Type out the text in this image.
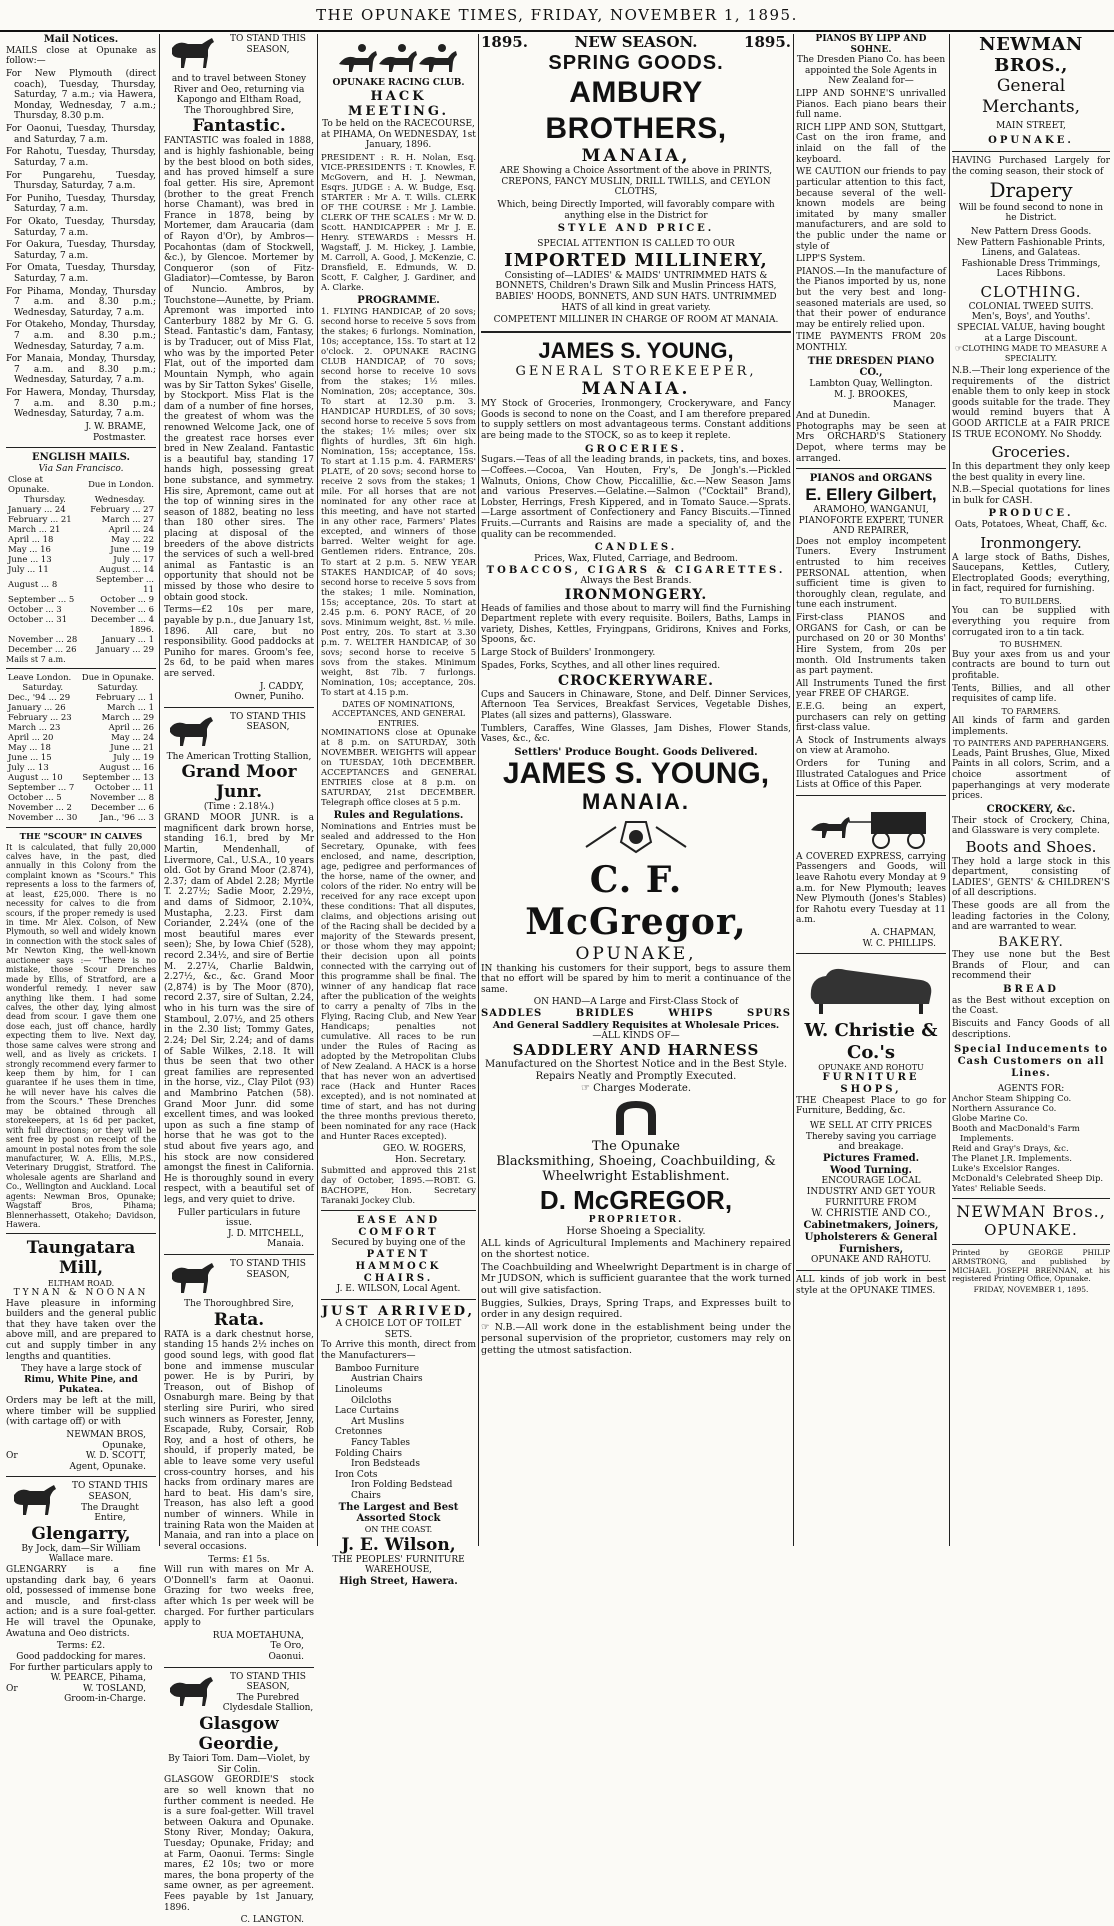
THE OPUNAKE TIMES, FRIDAY, NOVEMBER 1, 1895.
Mail Notices.

MAILS close at Opunake as follow:—

For New Plymouth (direct coach), Tuesday, Thursday, Saturday, 7 a.m.; via Hawera, Monday, Wednesday, 7 a.m.; Thursday, 8.30 p.m.

For Oaonui, Tuesday, Thursday, and Saturday, 7 a.m.

For Rahotu, Tuesday, Thursday, Saturday, 7 a.m.

For Pungarehu, Tuesday, Thursday, Saturday, 7 a.m.

For Puniho, Tuesday, Thursday, Saturday, 7 a.m.

For Okato, Tuesday, Thursday, Saturday, 7 a.m.

For Oakura, Tuesday, Thursday, Saturday, 7 a.m.

For Omata, Tuesday, Thursday, Saturday, 7 a.m.

For Pihama, Monday, Thursday 7 a.m. and 8.30 p.m.; Wednesday, Saturday, 7 a.m.

For Otakeho, Monday, Thursday, 7 a.m. and 8.30 p.m.; Wednesday, Saturday, 7 a.m.

For Manaia, Monday, Thursday, 7 a.m. and 8.30 p.m.; Wednesday, Saturday, 7 a.m.

For Hawera, Monday, Thursday, 7 a.m. and 8.30 p.m.; Wednesday, Saturday, 7 a.m.

J. W. BRAME,
Postmaster.
ENGLISH MAILS.
Via San Francisco.
Close at Opunake.	Due in London.
Thursday.	Wednesday.
January ... 24	February ... 27
February ... 21	March ... 27
March ... 21	April ... 24
April ... 18	May ... 22
May ... 16	June ... 19
June ... 13	July ... 17
July ... 11	August ... 14
August ... 8	September ... 11
September ... 5	October ... 9
October ... 3	November ... 6
October ... 31	December ... 4
	1896.
November ... 28	January ... 1
December ... 26	January ... 29
Mails st 7 a.m.
Leave London.	Due in Opunake.
Saturday.	Saturday.
Dec., '94 ... 29	February ... 1
January ... 26	March ... 1
February ... 23	March ... 29
March ... 23	April ... 26
April ... 20	May ... 24
May ... 18	June ... 21
June ... 15	July ... 19
July ... 13	August ... 16
August ... 10	September ... 13
September ... 7	October ... 11
October ... 5	November ... 8
November ... 2	December ... 6
November ... 30	Jan., '96 ... 3
THE "SCOUR" IN CALVES

It is calculated, that fully 20,000 calves have, in the past, died annually in this Colony from the complaint known as "Scours." This represents a loss to the farmers of, at least, £25,000. There is no necessity for calves to die from scours, if the proper remedy is used in time. Mr Alex. Colson, of New Plymouth, so well and widely known in connection with the stock sales of Mr Newton King, the well-known auctioneer says :— "There is no mistake, those Scour Drenches made by Ellis, of Stratford, are a wonderful remedy. I never saw anything like them. I had some calves, the other day, lying almost dead from scour. I gave them one dose each, just off chance, hardly expecting them to live. Next day, those same calves were strong and well, and as lively as crickets. I strongly recommend every farmer to keep them by him, for I can guarantee if he uses them in time, he will never have his calves die from the Scours." These Drenches may be obtained through all storekeepers, at 1s 6d per packet, with full directions; or they will be sent free by post on receipt of the amount in postal notes from the sole manufacturer, W. A. Ellis, M.P.S., Veterinary Druggist, Stratford. The wholesale agents are Sharland and Co., Wellington and Auckland. Local agents: Newman Bros, Opunake; Wagstaff Bros, Pihama; Blennerhassett, Otakeho; Davidson, Hawera.

Taungatara Mill,
ELTHAM ROAD.
TYNAN & NOONAN

Have pleasure in informing builders and the general public that they have taken over the above mill, and are prepared to cut and supply timber in any lengths and quantities.

They have a large stock of
Rimu, White Pine, and Pukatea.

Orders may be left at the mill, where timber will be supplied (with cartage off) or with

NEWMAN BROS,
Opunake,
Or	W. D. SCOTT,
Agent, Opunake.
TO STAND THIS SEASON,
The Draught Entire,
Glengarry,
By Jock, dam—Sir William Wallace mare.

GLENGARRY is a fine upstanding dark bay, 6 years old, possessed of immense bone and muscle, and first-class action; and is a sure foal-getter. He will travel the Opunake, Awatuna and Oeo districts.

Terms: £2.
Good paddocking for mares.
For further particulars apply to
W. PEARCE, Pihama,
Or	W. TOSLAND,
Groom-in-Charge.
TO STAND THIS SEASON,
and to travel between Stoney River and Oeo, returning via Kapongo and Eltham Road,
The Thoroughbred Sire,
Fantastic.

FANTASTIC was foaled in 1888, and is highly fashionable, being by the best blood on both sides, and has proved himself a sure foal getter. His sire, Apremont (brother to the great French horse Chamant), was bred in France in 1878, being by Mortemer, dam Araucaria (dam of Rayon d'Or), by Ambros—Pocahontas (dam of Stockwell, &c.), by Glencoe. Mortemer by Conqueror (son of Fitz-Gladiator)—Comtesse, by Baron of Nuncio. Ambros, by Touchstone—Aunette, by Priam. Apremont was imported into Canterbury 1882 by Mr G. G. Stead. Fantastic's dam, Fantasy, is by Traducer, out of Miss Flat, who was by the imported Peter Flat, out of the imported dam Mountain Nymph, who again was by Sir Tatton Sykes' Giselle, by Stockport. Miss Flat is the dam of a number of fine horses, the greatest of whom was the renowned Welcome Jack, one of the greatest race horses ever bred in New Zealand. Fantastic is a beautiful bay, standing 17 hands high, possessing great bone substance, and symmetry. His sire, Apremont, came out at the top of winning sires in the season of 1882, beating no less than 180 other sires. The placing at disposal of the breeders of the above districts the services of such a well-bred animal as Fantastic is an opportunity that should not be missed by those who desire to obtain good stock.

Terms—£2 10s per mare, payable by p.n., due January 1st, 1896. All care, but no responsibility. Good paddocks at Puniho for mares. Groom's fee, 2s 6d, to be paid when mares are served.

J. CADDY,
Owner, Puniho.
TO STAND THIS SEASON,
The American Trotting Stallion,
Grand Moor Junr.
(Time : 2.18¼.)

GRAND MOOR JUNR. is a magnificent dark brown horse, standing 16.1, bred by Mr Martin, Mendenhall, of Livermore, Cal., U.S.A., 10 years old. Got by Grand Moor (2.874), 2.37; dam of Abdel 2.28; Myrtle T. 2.27½; Sadie Moor, 2.29½, and dams of Sidmoor, 2.10¾, Mustapha, 2.23. First dam Coriander, 2.24¼ (one of the most beautiful mares ever seen); She, by Iowa Chief (528), record 2.34½, and sire of Bertie M. 2.27¼, Charlie Baldwin, 2.27½, &c., &c. Grand Moor (2,874) is by The Moor (870), record 2.37, sire of Sultan, 2.24, who in his turn was the sire of Stamboul, 2.07½, and 25 others in the 2.30 list; Tommy Gates, 2.24; Del Sir, 2.24; and of dams of Sable Wilkes, 2.18. It will thus be seen that two other great families are represented in the horse, viz., Clay Pilot (93) and Mambrino Patchen (58). Grand Moor Junr. did some excellent times, and was looked upon as such a fine stamp of horse that he was got to the stud about five years ago, and his stock are now considered amongst the finest in California. He is thoroughly sound in every respect, with a beautiful set of legs, and very quiet to drive.

Fuller particulars in future issue.
J. D. MITCHELL,
Manaia.
TO STAND THIS SEASON,
The Thoroughbred Sire,
Rata.

RATA is a dark chestnut horse, standing 15 hands 2½ inches on good sound legs, with good flat bone and immense muscular power. He is by Puriri, by Treason, out of Bishop of Osnaburgh mare. Being by that sterling sire Puriri, who sired such winners as Forester, Jenny, Escapade, Ruby, Corsair, Rob Roy, and a host of others, he should, if properly mated, be able to leave some very useful cross-country horses, and his hacks from ordinary mares are hard to beat. His dam's sire, Treason, has also left a good number of winners. While in training Rata won the Maiden at Manaia, and ran into a place on several occasions.

Terms: £1 5s.

Will run with mares on Mr A. O'Donnell's farm at Oaonui. Grazing for two weeks free, after which 1s per week will be charged. For further particulars apply to

RUA MOETAHUNA,
Te Oro,
Oaonui.
TO STAND THIS SEASON,
The Purebred Clydesdale Stallion,
Glasgow Geordie,
By Taiori Tom. Dam—Violet, by Sir Colin.

GLASGOW GEORDIE'S stock are so well known that no further comment is needed. He is a sure foal-getter. Will travel between Oakura and Opunake. Stony River, Monday; Oakura, Tuesday; Opunake, Friday; and at Farm, Oaonui. Terms: Single mares, £2 10s; two or more mares, the bona property of the same owner, as per agreement. Fees payable by 1st January, 1896.

C. LANGTON.
OPUNAKE RACING CLUB.
HACK MEETING.

To be held on the RACECOURSE, at PIHAMA, On WEDNESDAY, 1st January, 1896.

PRESIDENT : R. H. Nolan, Esq. VICE-PRESIDENTS : T. Knowles, F. McGovern, and H. J. Newman, Esqrs. JUDGE : A. W. Budge, Esq. STARTER : Mr A. T. Wills. CLERK OF THE COURSE : Mr J. Lambie. CLERK OF THE SCALES : Mr W. D. Scott. HANDICAPPER : Mr J. E. Henry. STEWARDS : Messrs H. Wagstaff, J. M. Hickey, J. Lambie, M. Carroll, A. Good, J. McKenzie, C. Dransfield, E. Edmunds, W. D. Scott, F. Calgher, J. Gardiner, and A. Clarke.

PROGRAMME.

1. FLYING HANDICAP, of 20 sovs; second horse to receive 5 sovs from the stakes; 6 furlongs. Nomination, 10s; acceptance, 15s. To start at 12 o'clock. 2. OPUNAKE RACING CLUB HANDICAP, of 70 sovs; second horse to receive 10 sovs from the stakes; 1½ miles. Nomination, 20s; acceptance, 30s. To start at 12.30 p.m. 3. HANDICAP HURDLES, of 30 sovs; second horse to receive 5 sovs from the stakes; 1½ miles; over six flights of hurdles, 3ft 6in high. Nomination, 15s; acceptance, 15s. To start at 1.15 p.m. 4. FARMERS' PLATE, of 20 sovs; second horse to receive 2 sovs from the stakes; 1 mile. For all horses that are not nominated for any other race at this meeting, and have not started in any other race, Farmers' Plates excepted, and winners of those barred. Welter weight for age. Gentlemen riders. Entrance, 20s. To start at 2 p.m. 5. NEW YEAR STAKES HANDICAP, of 40 sovs; second horse to receive 5 sovs from the stakes; 1 mile. Nomination, 15s; acceptance, 20s. To start at 2.45 p.m. 6. PONY RACE, of 20 sovs. Minimum weight, 8st. ½ mile. Post entry, 20s. To start at 3.30 p.m. 7. WELTER HANDICAP, of 30 sovs; second horse to receive 5 sovs from the stakes. Minimum weight, 8st 7lb. 7 furlongs. Nomination, 10s; acceptance, 20s. To start at 4.15 p.m.

DATES OF NOMINATIONS, ACCEPTANCES, AND GENERAL ENTRIES.

NOMINATIONS close at Opunake at 8 p.m. on SATURDAY, 30th NOVEMBER. WEIGHTS will appear on TUESDAY, 10th DECEMBER. ACCEPTANCES and GENERAL ENTRIES close at 8 p.m. on SATURDAY, 21st DECEMBER. Telegraph office closes at 5 p.m.

Rules and Regulations.

Nominations and Entries must be sealed and addressed to the Hon Secretary, Opunake, with fees enclosed, and name, description, age, pedigree and performances of the horse, name of the owner, and colors of the rider. No entry will be received for any race except upon these conditions: That all disputes, claims, and objections arising out of the Racing shall be decided by a majority of the Stewards present, or those whom they may appoint; their decision upon all points connected with the carrying out of this programme shall be final. The winner of any handicap flat race after the publication of the weights to carry a penalty of 7lbs in the Flying, Racing Club, and New Year Handicaps; penalties not cumulative. All races to be run under the Rules of Racing as adopted by the Metropolitan Clubs of New Zealand. A HACK is a horse that has never won an advertised race (Hack and Hunter Races excepted), and is not nominated at time of start, and has not during the three months previous thereto, been nominated for any race (Hack and Hunter Races excepted).

GEO. W. ROGERS,
Hon. Secretary.

Submitted and approved this 21st day of October, 1895.—ROBT. G. BACHOPE, Hon. Secretary Taranaki Jockey Club.

EASE AND COMFORT
Secured by buying one of the
PATENT HAMMOCK CHAIRS.
J. E. WILSON, Local Agent.
JUST ARRIVED,
A CHOICE LOT OF TOILET SETS.

To Arrive this month, direct from the Manufacturers—

Bamboo Furniture
Austrian Chairs
Linoleums
Oilcloths
Lace Curtains
Art Muslins
Cretonnes
Fancy Tables
Folding Chairs
Iron Bedsteads
Iron Cots
Iron Folding Bedstead Chairs
The Largest and Best Assorted Stock
ON THE COAST.
J. E. Wilson,
THE PEOPLES' FURNITURE WAREHOUSE,
High Street, Hawera.
1895.	NEW SEASON.	1895.
SPRING GOODS.
AMBURY BROTHERS,
MANAIA,

ARE Showing a Choice Assortment of the above in PRINTS, CREPONS, FANCY MUSLIN, DRILL TWILLS, and CEYLON CLOTHS,

Which, being Directly Imported, will favorably compare with anything else in the District for

STYLE AND PRICE.
SPECIAL ATTENTION IS CALLED TO OUR
IMPORTED MILLINERY,

Consisting of—LADIES' & MAIDS' UNTRIMMED HATS & BONNETS, Children's Drawn Silk and Muslin Princess HATS, BABIES' HOODS, BONNETS, AND SUN HATS. UNTRIMMED HATS of all kind in great variety.

COMPETENT MILLINER IN CHARGE OF ROOM AT MANAIA.
JAMES S. YOUNG,
GENERAL STOREKEEPER,
MANAIA.

MY Stock of Groceries, Ironmongery, Crockeryware, and Fancy Goods is second to none on the Coast, and I am therefore prepared to supply settlers on most advantageous terms. Constant additions are being made to the STOCK, so as to keep it replete.

GROCERIES.

Sugars.—Teas of all the leading brands, in packets, tins, and boxes.—Coffees.—Cocoa, Van Houten, Fry's, De Jongh's.—Pickled Walnuts, Onions, Chow Chow, Piccalillie, &c.—New Season Jams and various Preserves.—Gelatine.—Salmon ("Cocktail" Brand), Lobster, Herrings, Fresh Kippered, and in Tomato Sauce.—Sprats.—Large assortment of Confectionery and Fancy Biscuits.—Tinned Fruits.—Currants and Raisins are made a speciality of, and the quality can be recommended.

CANDLES.
Prices, Wax, Fluted, Carriage, and Bedroom.
TOBACCOS, CIGARS & CIGARETTES.
Always the Best Brands.
IRONMONGERY.

Heads of families and those about to marry will find the Furnishing Department replete with every requisite. Boilers, Baths, Lamps in variety, Dishes, Kettles, Fryingpans, Gridirons, Knives and Forks, Spoons, &c.

Large Stock of Builders' Ironmongery.

Spades, Forks, Scythes, and all other lines required.

CROCKERYWARE.

Cups and Saucers in Chinaware, Stone, and Delf. Dinner Services, Afternoon Tea Services, Breakfast Services, Vegetable Dishes, Plates (all sizes and patterns), Glassware.

Tumblers, Caraffes, Wine Glasses, Jam Dishes, Flower Stands, Vases, &c., &c.

Settlers' Produce Bought. Goods Delivered.
JAMES S. YOUNG,
MANAIA.
C. F. McGregor,
OPUNAKE,

IN thanking his customers for their support, begs to assure them that no effort will be spared by him to merit a continuance of the same.

ON HAND—A Large and First-Class Stock of
SADDLES	BRIDLES	WHIPS	SPURS
And General Saddlery Requisites at Wholesale Prices.
—ALL KINDS OF—
SADDLERY AND HARNESS
Manufactured on the Shortest Notice and in the Best Style.
Repairs Neatly and Promptly Executed.
☞ Charges Moderate.
The Opunake
Blacksmithing, Shoeing, Coachbuilding, & Wheelwright Establishment.
D. McGREGOR,
PROPRIETOR.
Horse Shoeing a Speciality.

ALL kinds of Agricultural Implements and Machinery repaired on the shortest notice.

The Coachbuilding and Wheelwright Department is in charge of Mr JUDSON, which is sufficient guarantee that the work turned out will give satisfaction.

Buggies, Sulkies, Drays, Spring Traps, and Expresses built to order in any design required.

☞ N.B.—All work done in the establishment being under the personal supervision of the proprietor, customers may rely on getting the utmost satisfaction.

PIANOS BY LIPP AND SOHNE.

The Dresden Piano Co. has been appointed the Sole Agents in New Zealand for—

LIPP AND SOHNE'S unrivalled Pianos. Each piano bears their full name.

RICH LIPP AND SON, Stuttgart, Cast on the iron frame, and inlaid on the fall of the keyboard.

WE CAUTION our friends to pay particular attention to this fact, because several of the well-known models are being imitated by many smaller manufacturers, and are sold to the public under the name or style of

LIPP'S System.

PIANOS.—In the manufacture of the Pianos imported by us, none but the very best and long-seasoned materials are used, so that their power of endurance may be entirely relied upon.

TIME PAYMENTS FROM 20s MONTHLY.

THE DRESDEN PIANO CO.,
Lambton Quay, Wellington.
M. J. BROOKES,
Manager.
And at Dunedin.

Photographs may be seen at Mrs ORCHARD'S Stationery Depot, where terms may be arranged.

PIANOS and ORGANS
E. Ellery Gilbert,
ARAMOHO, WANGANUI,
PIANOFORTE EXPERT, TUNER AND REPAIRER,

Does not employ incompetent Tuners. Every Instrument entrusted to him receives PERSONAL attention, when sufficient time is given to thoroughly clean, regulate, and tune each instrument.

First-class PIANOS and ORGANS for Cash, or can be purchased on 20 or 30 Months' Hire System, from 20s per month. Old Instruments taken as part payment.

All Instruments Tuned the first year FREE OF CHARGE.

E.E.G. being an expert, purchasers can rely on getting first-class value.

A Stock of Instruments always on view at Aramoho.

Orders for Tuning and Illustrated Catalogues and Price Lists at Office of this Paper.

A COVERED EXPRESS, carrying Passengers and Goods, will leave Rahotu every Monday at 9 a.m. for New Plymouth; leaves New Plymouth (Jones's Stables) for Rahotu every Tuesday at 11 a.m.

A. CHAPMAN,
W. C. PHILLIPS.
W. Christie & Co.'s
OPUNAKE AND ROHOTU
FURNITURE SHOPS,

THE Cheapest Place to go for Furniture, Bedding, &c.

WE SELL AT CITY PRICES
Thereby saving you carriage and breakage.
Pictures Framed.
Wood Turning.
ENCOURAGE LOCAL INDUSTRY AND GET YOUR FURNITURE FROM
W. CHRISTIE AND CO.,
Cabinetmakers, Joiners, Upholsterers & General Furnishers,
OPUNAKE AND RAHOTU.

ALL kinds of job work in best style at the OPUNAKE TIMES.

NEWMAN BROS.,
General Merchants,
MAIN STREET,
OPUNAKE.

HAVING Purchased Largely for the coming season, their stock of

Drapery
Will be found second to none in he District.
New Pattern Dress Goods.
New Pattern Fashionable Prints, Linens, and Galateas.
Fashionable Dress Trimmings, Laces Ribbons.
CLOTHING.
COLONIAL TWEED SUITS.
Men's, Boys', and Youths'.
SPECIAL VALUE, having bought at a Large Discount.
☞CLOTHING MADE TO MEASURE A SPECIALITY.

N.B.—Their long experience of the requirements of the district enable them to only keep in stock goods suitable for the trade. They would remind buyers that A GOOD ARTICLE at a FAIR PRICE IS TRUE ECONOMY. No Shoddy.

Groceries.

In this department they only keep the best quality in every line.

N.B.—Special quotations for lines in bulk for CASH.

PRODUCE.
Oats, Potatoes, Wheat, Chaff, &c.
Ironmongery.

A large stock of Baths, Dishes, Saucepans, Kettles, Cutlery, Electroplated Goods; everything, in fact, required for furnishing.

TO BUILDERS.

You can be supplied with everything you require from corrugated iron to a tin tack.

TO BUSHMEN.

Buy your axes from us and your contracts are bound to turn out profitable.

Tents, Billies, and all other requisites of camp life.

TO FARMERS.

All kinds of farm and garden implements.

TO PAINTERS AND PAPERHANGERS.

Leads, Paint Brushes, Glue, Mixed Paints in all colors, Scrim, and a choice assortment of paperhangings at very moderate prices.

CROCKERY, &c.

Their stock of Crockery, China, and Glassware is very complete.

Boots and Shoes.

They hold a large stock in this department, consisting of LADIES', GENTS' & CHILDREN'S of all descriptions.

These goods are all from the leading factories in the Colony, and are warranted to wear.

BAKERY.

They use none but the Best Brands of Flour, and can recommend their

BREAD

as the Best without exception on the Coast.

Biscuits and Fancy Goods of all descriptions.

Special Inducements to Cash Customers on all Lines.
AGENTS FOR:
Anchor Steam Shipping Co.
Northern Assurance Co.
Globe Marine Co.
Booth and MacDonald's Farm Implements.
Reid and Gray's Drays, &c.
The Planet J.R. Implements.
Luke's Excelsior Ranges.
McDonald's Celebrated Sheep Dip.
Yates' Reliable Seeds.
NEWMAN Bros.,
OPUNAKE.

Printed by GEORGE PHILIP ARMSTRONG, and published by MICHAEL JOSEPH BRENNAN, at his registered Printing Office, Opunake.

FRIDAY, NOVEMBER 1, 1895.
